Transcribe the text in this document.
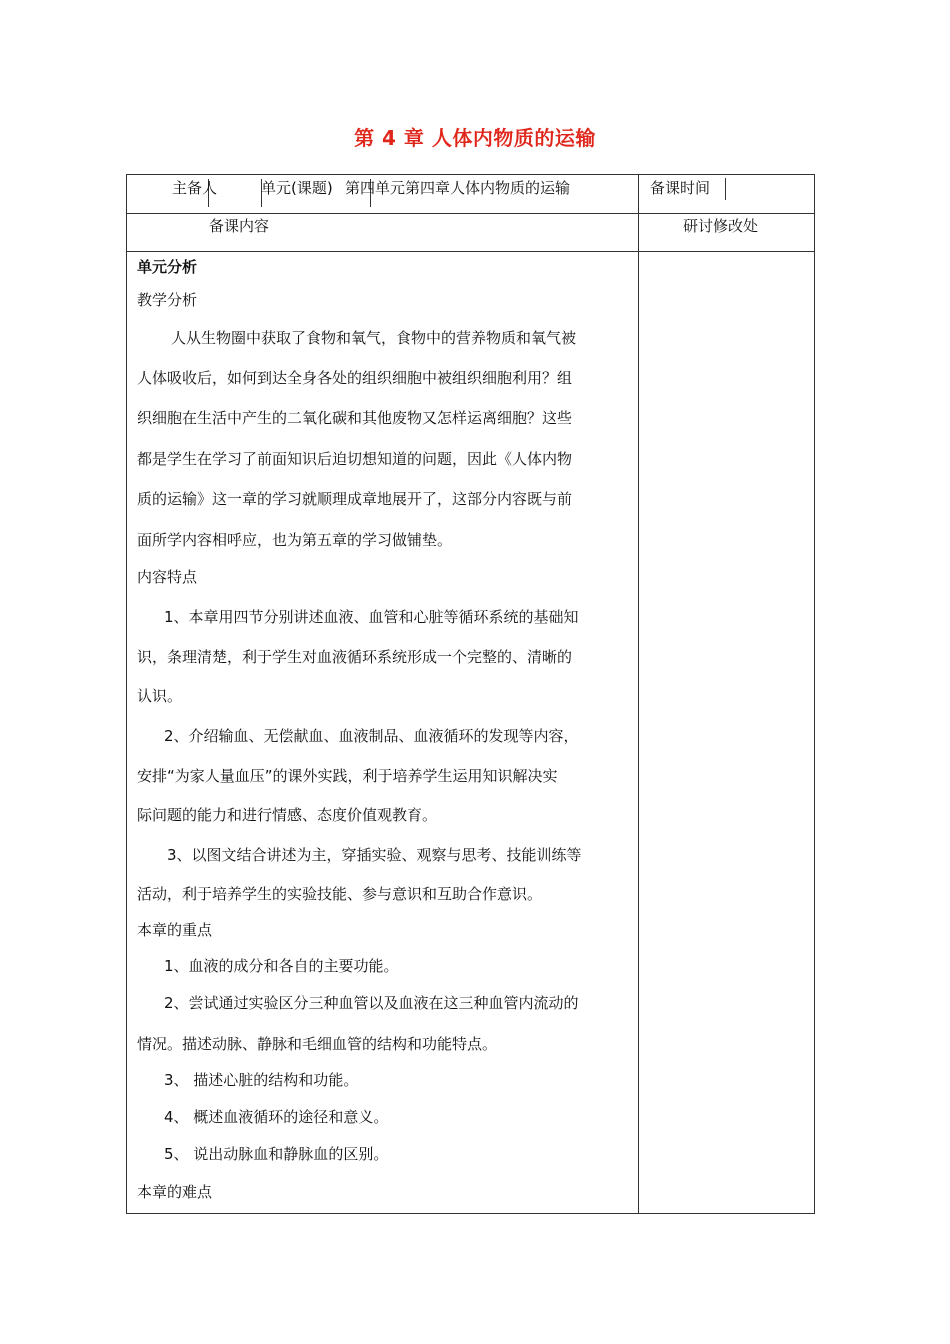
第 4 章 人体内物质的运输
主备人	单元(课题) 第四单元第四章人体内物质的运输	备课时间
备课内容	研讨修改处
单元分析
教学分析
人从生物圈中获取了食物和氧气，食物中的营养物质和氧气被
人体吸收后，如何到达全身各处的组织细胞中被组织细胞利用？组
织细胞在生活中产生的二氧化碳和其他废物又怎样运离细胞？这些
都是学生在学习了前面知识后迫切想知道的问题，因此《人体内物
质的运输》这一章的学习就顺理成章地展开了，这部分内容既与前
面所学内容相呼应，也为第五章的学习做铺垫。
内容特点
1、本章用四节分别讲述血液、血管和心脏等循环系统的基础知
识，条理清楚，利于学生对血液循环系统形成一个完整的、清晰的
认识。
2、介绍输血、无偿献血、血液制品、血液循环的发现等内容，
安排“为家人量血压”的课外实践，利于培养学生运用知识解决实
际问题的能力和进行情感、态度价值观教育。
3、以图文结合讲述为主，穿插实验、观察与思考、技能训练等
活动，利于培养学生的实验技能、参与意识和互助合作意识。
本章的重点
1、血液的成分和各自的主要功能。
2、尝试通过实验区分三种血管以及血液在这三种血管内流动的
情况。描述动脉、静脉和毛细血管的结构和功能特点。
3、 描述心脏的结构和功能。
4、 概述血液循环的途径和意义。
5、 说出动脉血和静脉血的区别。
本章的难点
